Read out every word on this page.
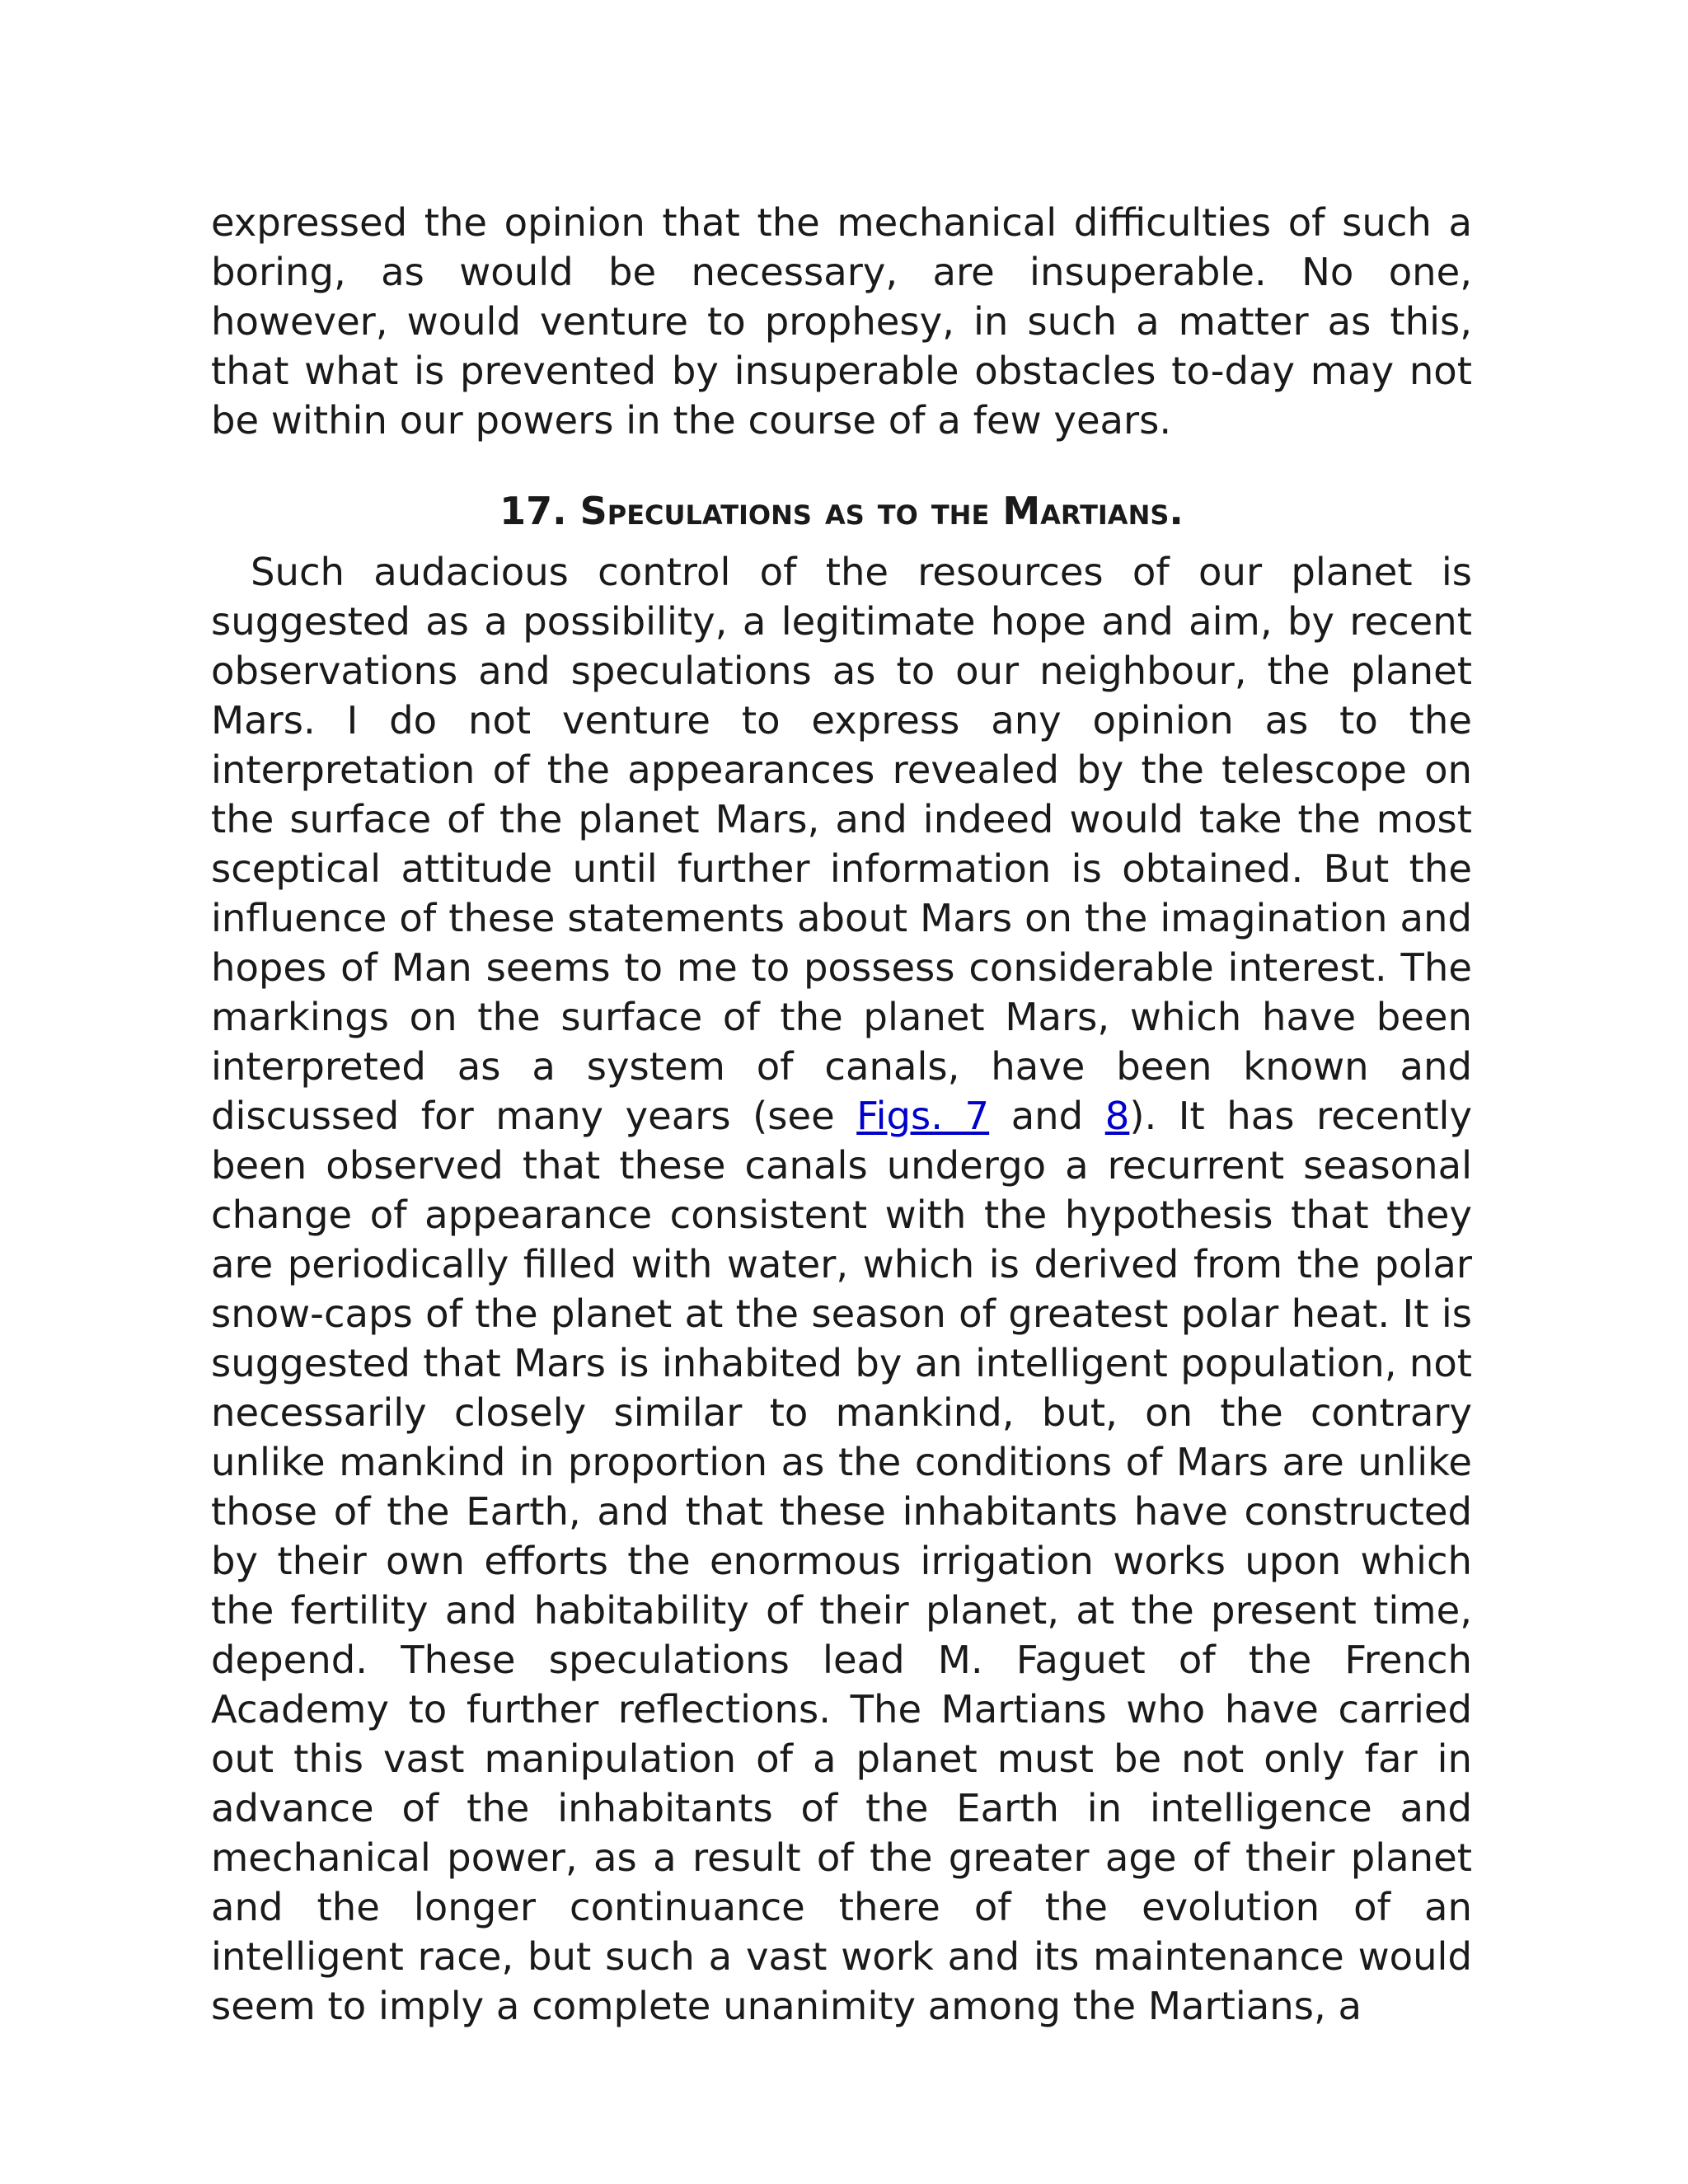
expressed the opinion that the mechanical difficulties of such a boring, as would be necessary, are insuperable. No one, however, would venture to prophesy, in such a matter as this, that what is prevented by insuperable obstacles to-day may not be within our powers in the course of a few years.

17. Speculations as to the Martians.

Such audacious control of the resources of our planet is suggested as a possibility, a legitimate hope and aim, by recent observations and speculations as to our neighbour, the planet Mars. I do not venture to express any opinion as to the interpretation of the appearances revealed by the telescope on the surface of the planet Mars, and indeed would take the most sceptical attitude until further information is obtained. But the influence of these statements about Mars on the imagination and hopes of Man seems to me to possess considerable interest. The markings on the surface of the planet Mars, which have been interpreted as a system of canals, have been known and discussed for many years (see Figs. 7 and 8). It has recently been observed that these canals undergo a recurrent seasonal change of appearance consistent with the hypothesis that they are periodically filled with water, which is derived from the polar snow-caps of the planet at the season of greatest polar heat. It is suggested that Mars is inhabited by an intelligent population, not necessarily closely similar to mankind, but, on the contrary unlike mankind in proportion as the conditions of Mars are unlike those of the Earth, and that these inhabitants have constructed by their own efforts the enormous irrigation works upon which the fertility and habitability of their planet, at the present time, depend. These speculations lead M. Faguet of the French Academy to further reflections. The Martians who have carried out this vast manipulation of a planet must be not only far in advance of the inhabitants of the Earth in intelligence and mechanical power, as a result of the greater age of their planet and the longer continuance there of the evolution of an intelligent race, but such a vast work and its maintenance would seem to imply a complete unanimity among the Martians, a
